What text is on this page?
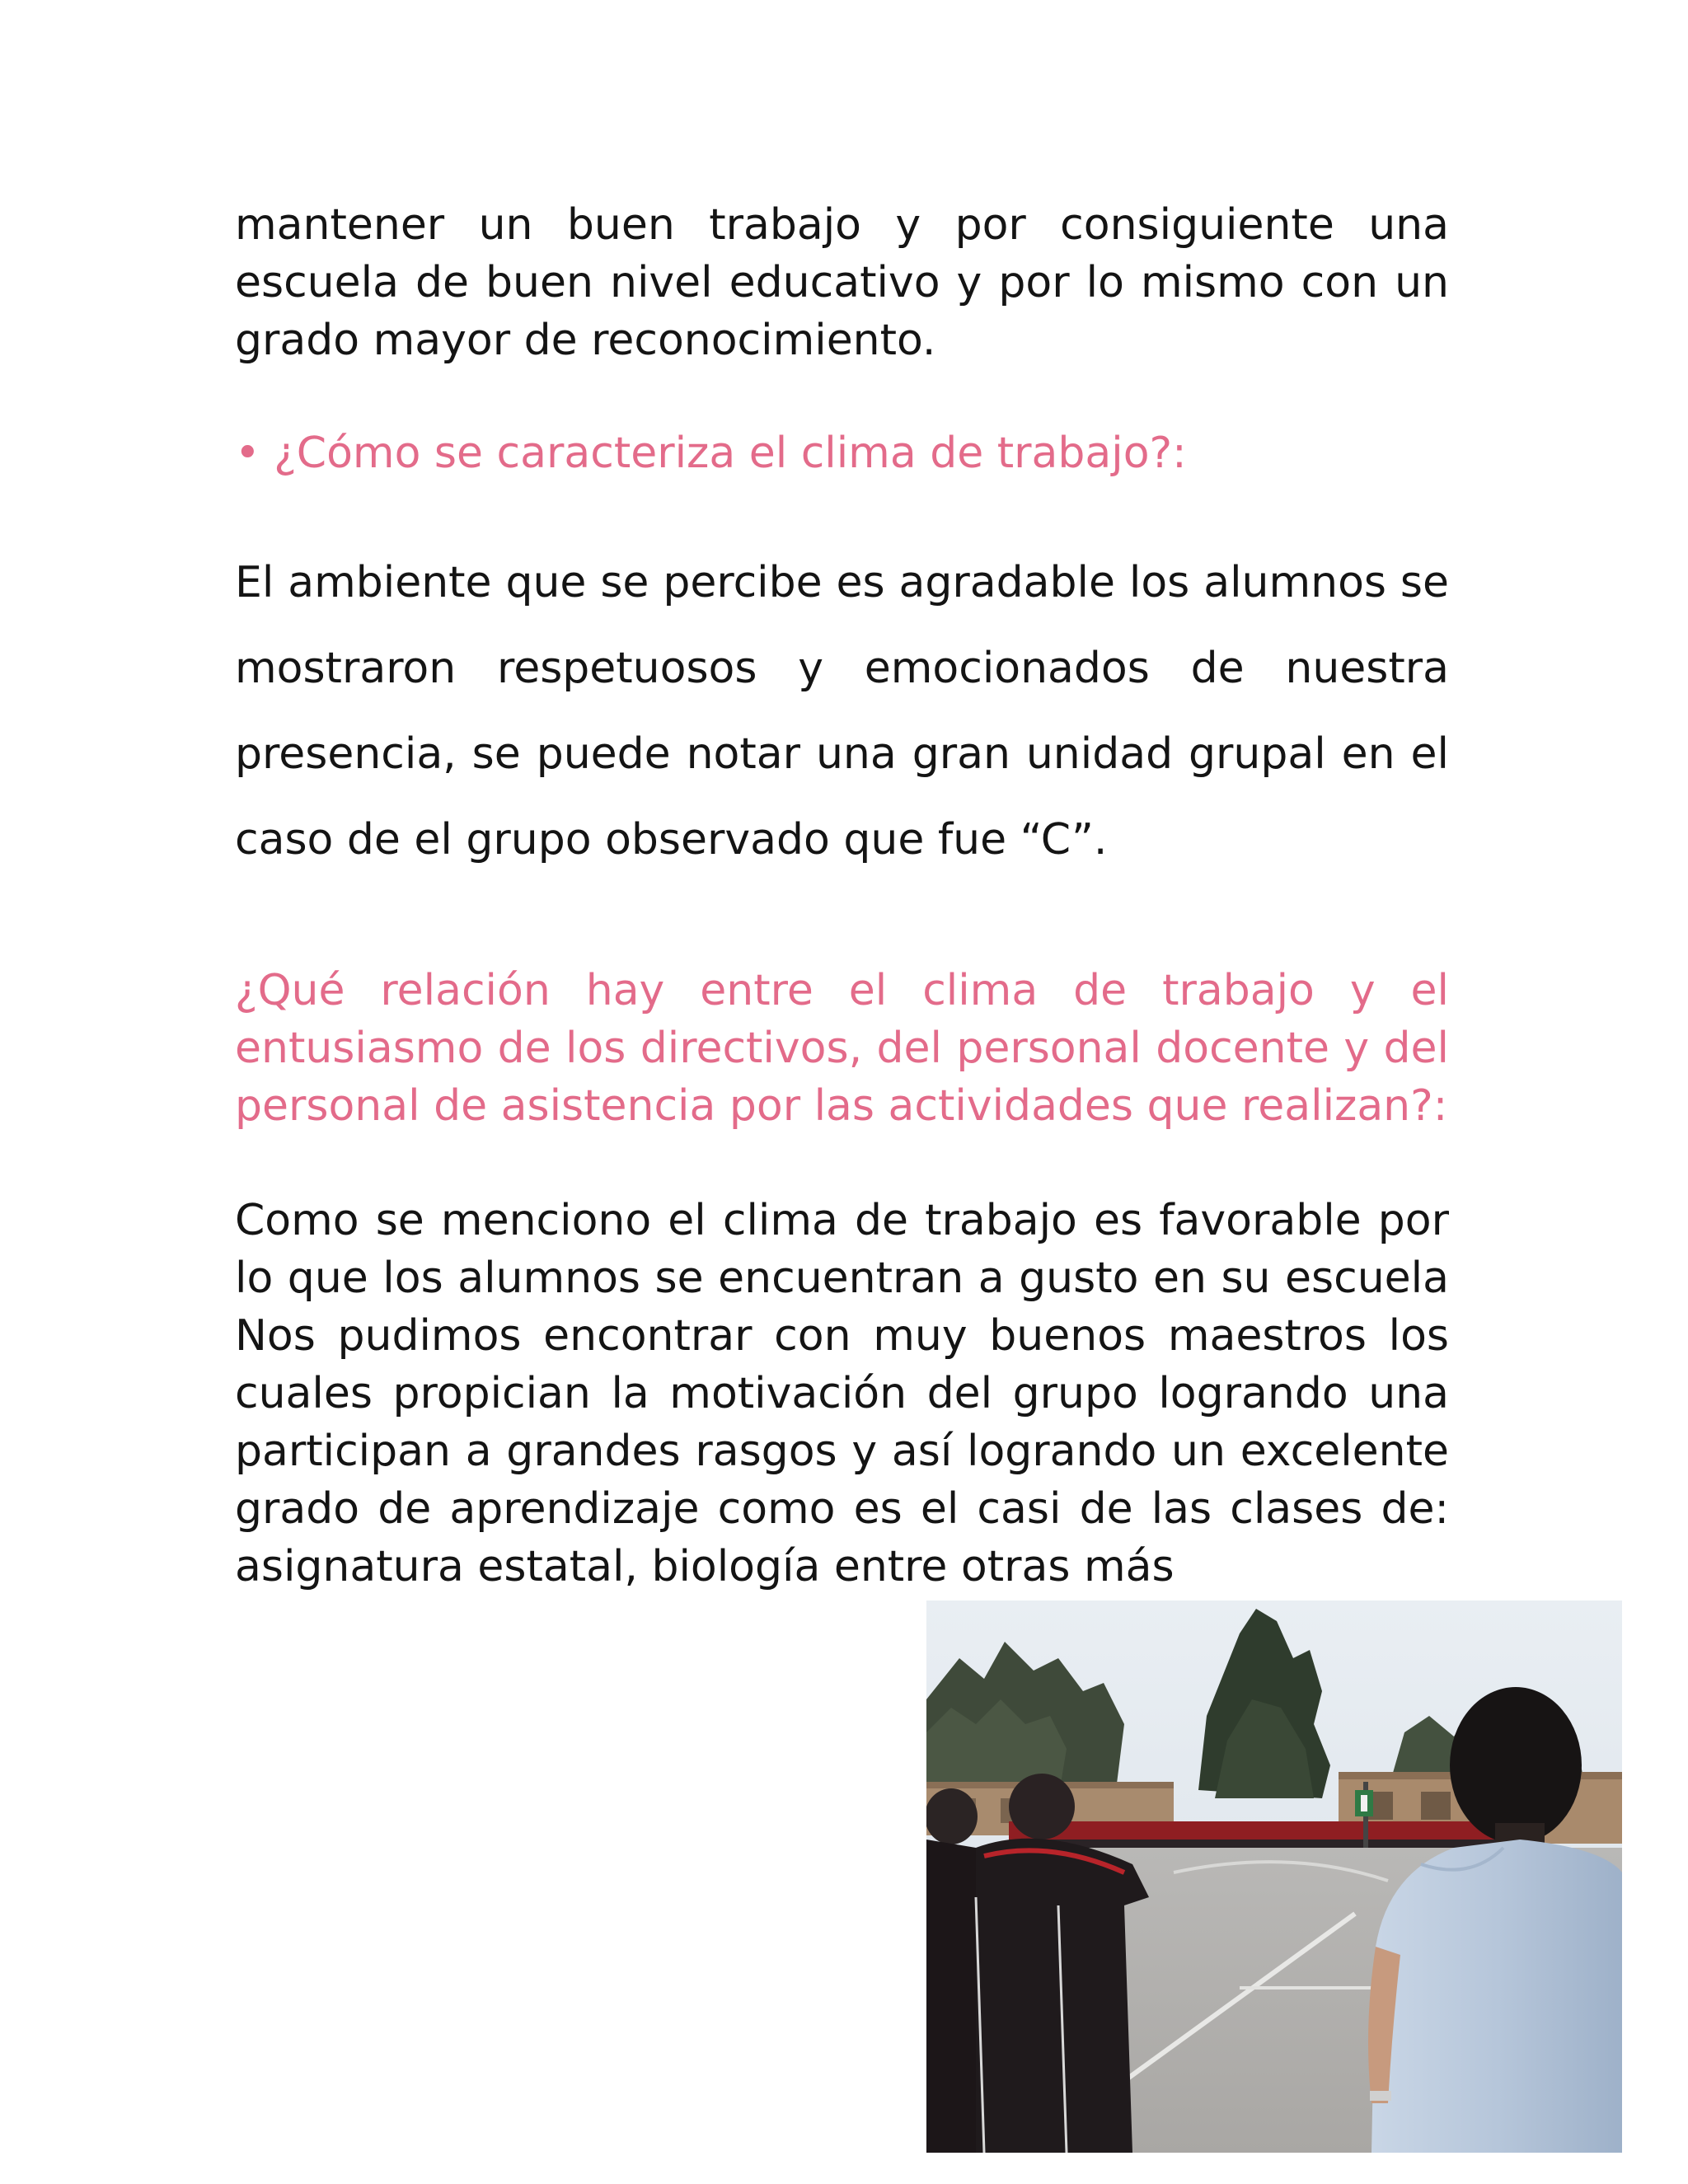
mantener un buen trabajo y por consiguiente una escuela de buen nivel educativo y por lo mismo con un grado mayor de reconocimiento.

• ¿Cómo se caracteriza el clima de trabajo?:

El ambiente que se percibe es agradable los alumnos se mostraron respetuosos y emocionados de nuestra presencia, se puede notar una gran unidad grupal en el caso de el grupo observado que fue “C”.

¿Qué relación hay entre el clima de trabajo y el entusiasmo de los directivos, del personal docente y del personal de asistencia por las actividades que realizan?:

Como se menciono el clima de trabajo es favorable por lo que los alumnos se encuentran a gusto en su escuela Nos pudimos encontrar con muy buenos maestros los cuales propician la motivación del grupo logrando una participan a grandes rasgos y así logrando un excelente grado de aprendizaje como es el casi de las clases de: asignatura estatal, biología entre otras más
